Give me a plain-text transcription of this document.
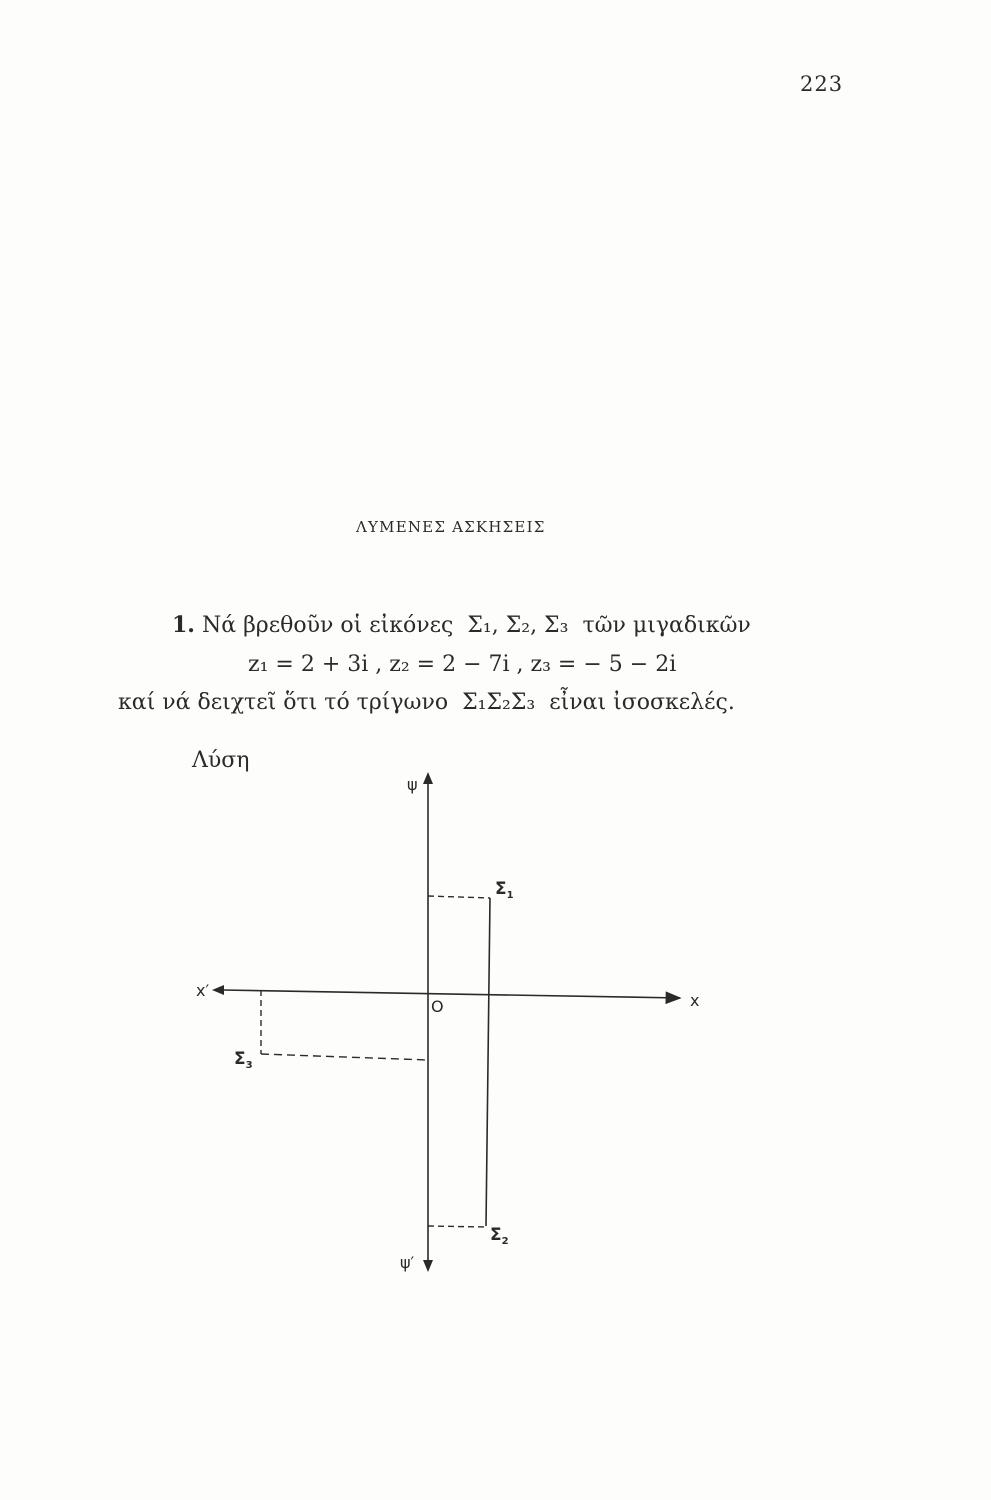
223
ΛΥΜΕΝΕΣ ΑΣΚΗΣΕΙΣ
1. Νά βρεθοῦν οἱ εἰκόνες Σ₁, Σ₂, Σ₃ τῶν μιγαδικῶν
z₁ = 2 + 3i , z₂ = 2 − 7i , z₃ = − 5 − 2i
καί νά δειχτεῖ ὅτι τό τρίγωνο Σ₁Σ₂Σ₃ εἶναι ἰσοσκελές.
Λύση
x
x′
ψ
ψ′
O
$\Sigma_1$
$\Sigma_2$
$\Sigma_3$
